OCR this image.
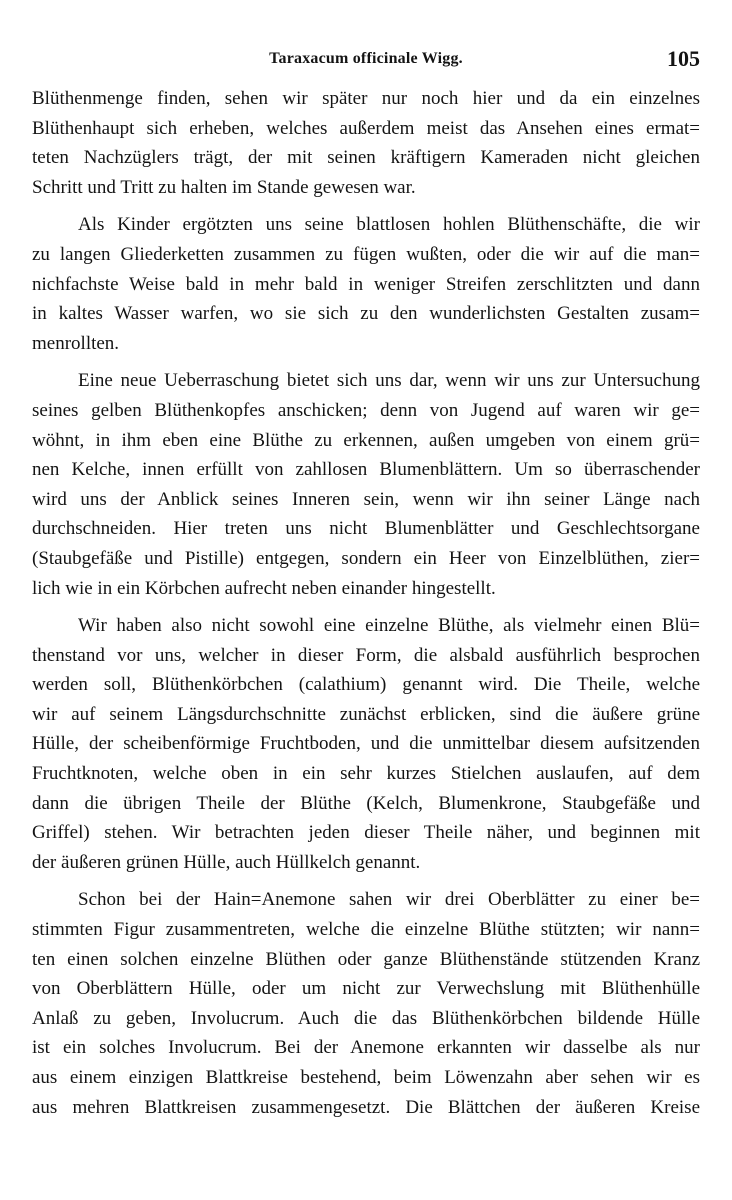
Taraxacum officinale Wigg.	105
Blüthenmenge finden, sehen wir später nur noch hier und da ein einzelnes
Blüthenhaupt sich erheben, welches außerdem meist das Ansehen eines ermat=
teten Nachzüglers trägt, der mit seinen kräftigern Kameraden nicht gleichen
Schritt und Tritt zu halten im Stande gewesen war.
Als Kinder ergötzten uns seine blattlosen hohlen Blüthenschäfte, die wir
zu langen Gliederketten zusammen zu fügen wußten, oder die wir auf die man=
nichfachste Weise bald in mehr bald in weniger Streifen zerschlitzten und dann
in kaltes Wasser warfen, wo sie sich zu den wunderlichsten Gestalten zusam=
menrollten.
Eine neue Ueberraschung bietet sich uns dar, wenn wir uns zur Untersuchung
seines gelben Blüthenkopfes anschicken; denn von Jugend auf waren wir ge=
wöhnt, in ihm eben eine Blüthe zu erkennen, außen umgeben von einem grü=
nen Kelche, innen erfüllt von zahllosen Blumenblättern. Um so überraschender
wird uns der Anblick seines Inneren sein, wenn wir ihn seiner Länge nach
durchschneiden. Hier treten uns nicht Blumenblätter und Geschlechtsorgane
(Staubgefäße und Pistille) entgegen, sondern ein Heer von Einzelblüthen, zier=
lich wie in ein Körbchen aufrecht neben einander hingestellt.
Wir haben also nicht sowohl eine einzelne Blüthe, als vielmehr einen Blü=
thenstand vor uns, welcher in dieser Form, die alsbald ausführlich besprochen
werden soll, Blüthenkörbchen (calathium) genannt wird. Die Theile, welche
wir auf seinem Längsdurchschnitte zunächst erblicken, sind die äußere grüne
Hülle, der scheibenförmige Fruchtboden, und die unmittelbar diesem aufsitzenden
Fruchtknoten, welche oben in ein sehr kurzes Stielchen auslaufen, auf dem
dann die übrigen Theile der Blüthe (Kelch, Blumenkrone, Staubgefäße und
Griffel) stehen. Wir betrachten jeden dieser Theile näher, und beginnen mit
der äußeren grünen Hülle, auch Hüllkelch genannt.
Schon bei der Hain=Anemone sahen wir drei Oberblätter zu einer be=
stimmten Figur zusammentreten, welche die einzelne Blüthe stützten; wir nann=
ten einen solchen einzelne Blüthen oder ganze Blüthenstände stützenden Kranz
von Oberblättern Hülle, oder um nicht zur Verwechslung mit Blüthenhülle
Anlaß zu geben, Involucrum. Auch die das Blüthenkörbchen bildende Hülle
ist ein solches Involucrum. Bei der Anemone erkannten wir dasselbe als nur
aus einem einzigen Blattkreise bestehend, beim Löwenzahn aber sehen wir es
aus mehren Blattkreisen zusammengesetzt. Die Blättchen der äußeren Kreise
